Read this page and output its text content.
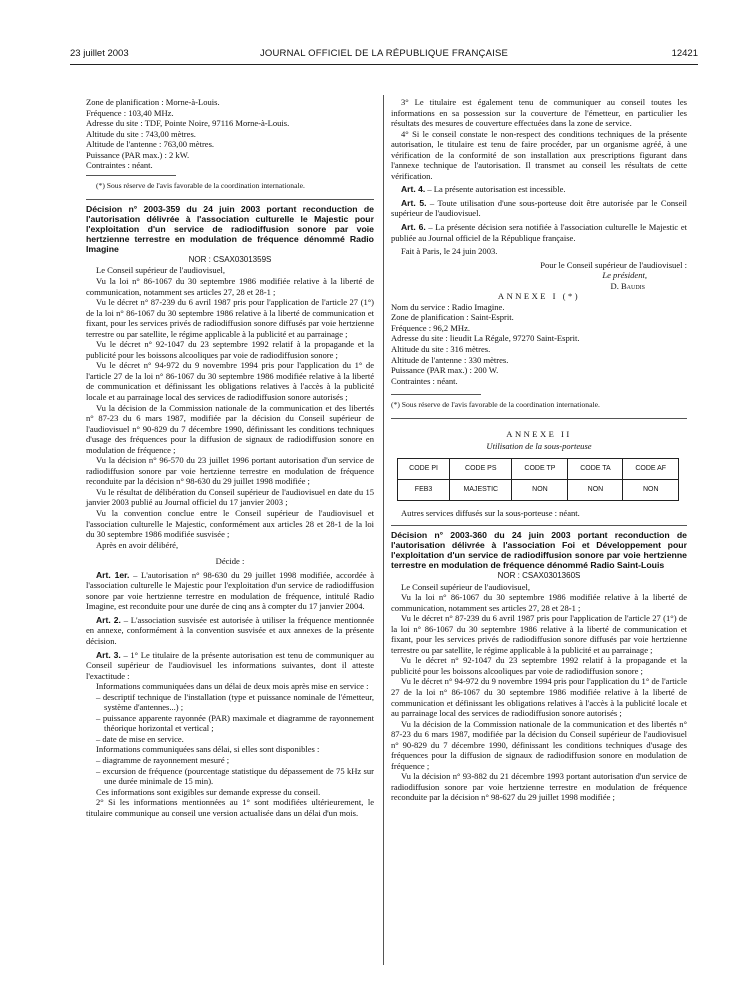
23 juillet 2003	JOURNAL OFFICIEL DE LA RÉPUBLIQUE FRANÇAISE	12421

Zone de planification : Morne-à-Louis.

Fréquence : 103,40 MHz.

Adresse du site : TDF, Pointe Noire, 97116 Morne-à-Louis.

Altitude du site : 743,00 mètres.

Altitude de l'antenne : 763,00 mètres.

Puissance (PAR max.) : 2 kW.

Contraintes : néant.

(*) Sous réserve de l'avis favorable de la coordination internationale.

Décision n° 2003-359 du 24 juin 2003 portant reconduction de l'autorisation délivrée à l'association culturelle le Majestic pour l'exploitation d'un service de radiodiffusion sonore par voie hertzienne terrestre en modulation de fréquence dénommé Radio Imagine

NOR : CSAX0301359S

Le Conseil supérieur de l'audiovisuel,

Vu la loi n° 86-1067 du 30 septembre 1986 modifiée relative à la liberté de communication, notamment ses articles 27, 28 et 28-1 ;

Vu le décret n° 87-239 du 6 avril 1987 pris pour l'application de l'article 27 (1°) de la loi n° 86-1067 du 30 septembre 1986 relative à la liberté de communication et fixant, pour les services privés de radiodiffusion sonore diffusés par voie hertzienne terrestre ou par satellite, le régime applicable à la publicité et au parrainage ;

Vu le décret n° 92-1047 du 23 septembre 1992 relatif à la propagande et la publicité pour les boissons alcooliques par voie de radiodiffusion sonore ;

Vu le décret n° 94-972 du 9 novembre 1994 pris pour l'application du 1° de l'article 27 de la loi n° 86-1067 du 30 septembre 1986 modifiée relative à la liberté de communication et définissant les obligations relatives à l'accès à la publicité locale et au parrainage local des services de radiodiffusion sonore autorisés ;

Vu la décision de la Commission nationale de la communication et des libertés n° 87-23 du 6 mars 1987, modifiée par la décision du Conseil supérieur de l'audiovisuel n° 90-829 du 7 décembre 1990, définissant les conditions techniques d'usage des fréquences pour la diffusion de signaux de radiodiffusion sonore en modulation de fréquence ;

Vu la décision n° 96-570 du 23 juillet 1996 portant autorisation d'un service de radiodiffusion sonore par voie hertzienne terrestre en modulation de fréquence reconduite par la décision n° 98-630 du 29 juillet 1998 modifiée ;

Vu le résultat de délibération du Conseil supérieur de l'audiovisuel en date du 15 janvier 2003 publié au Journal officiel du 17 janvier 2003 ;

Vu la convention conclue entre le Conseil supérieur de l'audiovisuel et l'association culturelle le Majestic, conformément aux articles 28 et 28-1 de la loi du 30 septembre 1986 modifiée susvisée ;

Après en avoir délibéré,

Décide :

Art. 1er. – L'autorisation n° 98-630 du 29 juillet 1998 modifiée, accordée à l'association culturelle le Majestic pour l'exploitation d'un service de radiodiffusion sonore par voie hertzienne terrestre en modulation de fréquence, intitulé Radio Imagine, est reconduite pour une durée de cinq ans à compter du 17 janvier 2004.

Art. 2. – L'association susvisée est autorisée à utiliser la fréquence mentionnée en annexe, conformément à la convention susvisée et aux annexes de la présente décision.

Art. 3. – 1° Le titulaire de la présente autorisation est tenu de communiquer au Conseil supérieur de l'audiovisuel les informations suivantes, dont il atteste l'exactitude :

Informations communiquées dans un délai de deux mois après mise en service :

– descriptif technique de l'installation (type et puissance nominale de l'émetteur, système d'antennes...) ;

– puissance apparente rayonnée (PAR) maximale et diagramme de rayonnement théorique horizontal et vertical ;

– date de mise en service.

Informations communiquées sans délai, si elles sont disponibles :

– diagramme de rayonnement mesuré ;

– excursion de fréquence (pourcentage statistique du dépassement de 75 kHz sur une durée minimale de 15 min).

Ces informations sont exigibles sur demande expresse du conseil.

2° Si les informations mentionnées au 1° sont modifiées ultérieurement, le titulaire communique au conseil une version actualisée dans un délai d'un mois.

3° Le titulaire est également tenu de communiquer au conseil toutes les informations en sa possession sur la couverture de l'émetteur, en particulier les résultats des mesures de couverture effectuées dans la zone de service.

4° Si le conseil constate le non-respect des conditions techniques de la présente autorisation, le titulaire est tenu de faire procéder, par un organisme agréé, à une vérification de la conformité de son installation aux prescriptions figurant dans l'annexe technique de l'autorisation. Il transmet au conseil les résultats de cette vérification.

Art. 4. – La présente autorisation est incessible.

Art. 5. – Toute utilisation d'une sous-porteuse doit être autorisée par le Conseil supérieur de l'audiovisuel.

Art. 6. – La présente décision sera notifiée à l'association culturelle le Majestic et publiée au Journal officiel de la République française.

Fait à Paris, le 24 juin 2003.

Pour le Conseil supérieur de l'audiovisuel :

Le président,

D. Baudis

ANNEXE I (*)

Nom du service : Radio Imagine.

Zone de planification : Saint-Esprit.

Fréquence : 96,2 MHz.

Adresse du site : lieudit La Régale, 97270 Saint-Esprit.

Altitude du site : 316 mètres.

Altitude de l'antenne : 330 mètres.

Puissance (PAR max.) : 200 W.

Contraintes : néant.

(*) Sous réserve de l'avis favorable de la coordination internationale.

ANNEXE II

Utilisation de la sous-porteuse

CODE PI	CODE PS	CODE TP	CODE TA	CODE AF
FEB3	MAJESTIC	NON	NON	NON

Autres services diffusés sur la sous-porteuse : néant.

Décision n° 2003-360 du 24 juin 2003 portant reconduction de l'autorisation délivrée à l'association Foi et Développement pour l'exploitation d'un service de radiodiffusion sonore par voie hertzienne terrestre en modulation de fréquence dénommé Radio Saint-Louis

NOR : CSAX0301360S

Le Conseil supérieur de l'audiovisuel,

Vu la loi n° 86-1067 du 30 septembre 1986 modifiée relative à la liberté de communication, notamment ses articles 27, 28 et 28-1 ;

Vu le décret n° 87-239 du 6 avril 1987 pris pour l'application de l'article 27 (1°) de la loi n° 86-1067 du 30 septembre 1986 relative à la liberté de communication et fixant, pour les services privés de radiodiffusion sonore diffusés par voie hertzienne terrestre ou par satellite, le régime applicable à la publicité et au parrainage ;

Vu le décret n° 92-1047 du 23 septembre 1992 relatif à la propagande et la publicité pour les boissons alcooliques par voie de radiodiffusion sonore ;

Vu le décret n° 94-972 du 9 novembre 1994 pris pour l'application du 1° de l'article 27 de la loi n° 86-1067 du 30 septembre 1986 modifiée relative à la liberté de communication et définissant les obligations relatives à l'accès à la publicité locale et au parrainage local des services de radiodiffusion sonore autorisés ;

Vu la décision de la Commission nationale de la communication et des libertés n° 87-23 du 6 mars 1987, modifiée par la décision du Conseil supérieur de l'audiovisuel n° 90-829 du 7 décembre 1990, définissant les conditions techniques d'usage des fréquences pour la diffusion de signaux de radiodiffusion sonore en modulation de fréquence ;

Vu la décision n° 93-882 du 21 décembre 1993 portant autorisation d'un service de radiodiffusion sonore par voie hertzienne terrestre en modulation de fréquence reconduite par la décision n° 98-627 du 29 juillet 1998 modifiée ;
